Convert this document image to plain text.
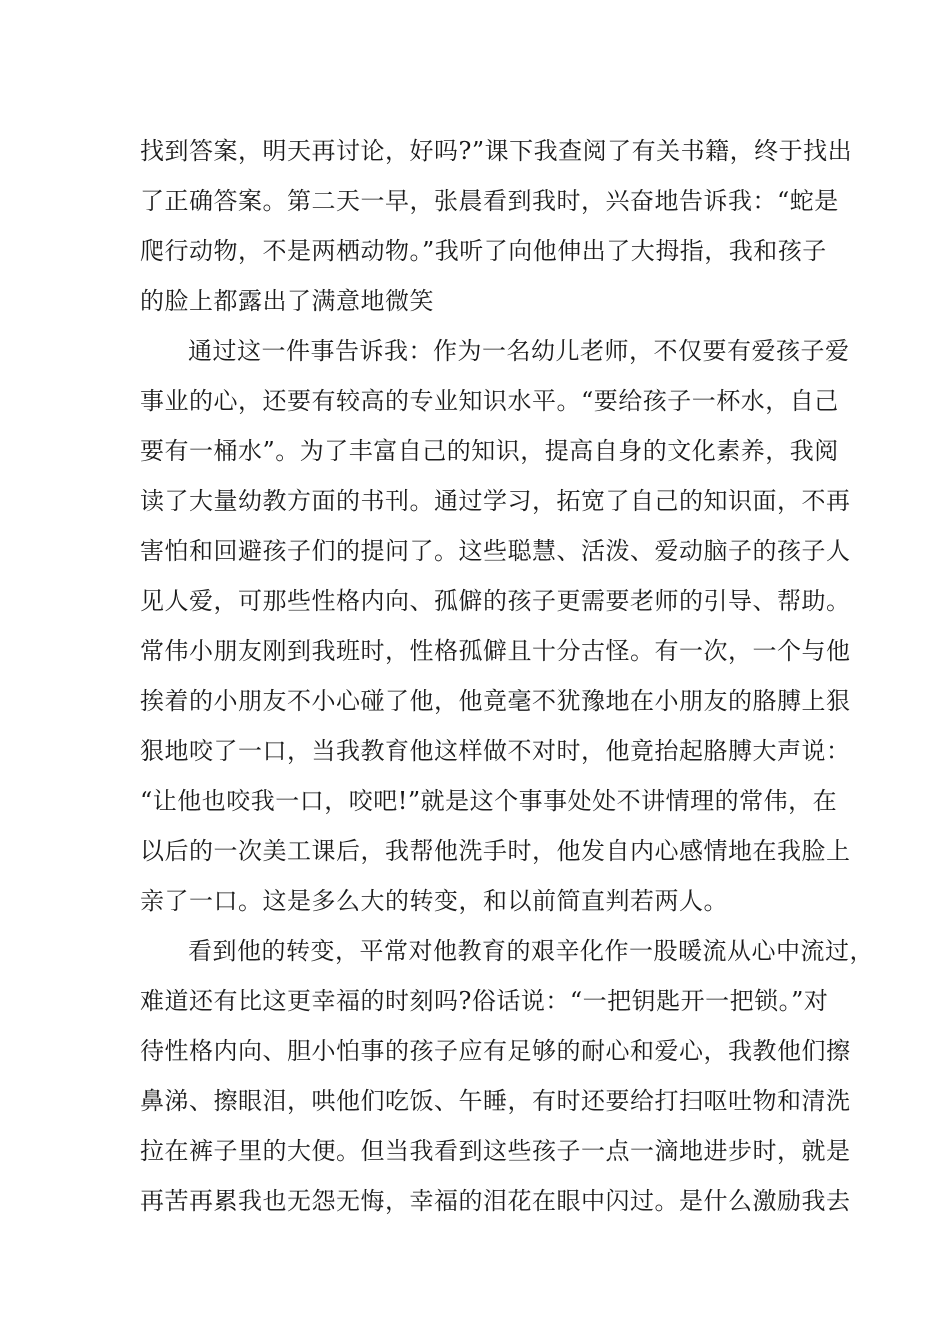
找到答案，明天再讨论，好吗?”课下我查阅了有关书籍，终于找出
了正确答案。第二天一早，张晨看到我时，兴奋地告诉我：“蛇是
爬行动物，不是两栖动物。”我听了向他伸出了大拇指，我和孩子
的脸上都露出了满意地微笑
通过这一件事告诉我：作为一名幼儿老师，不仅要有爱孩子爱
事业的心，还要有较高的专业知识水平。“要给孩子一杯水，自己
要有一桶水”。为了丰富自己的知识，提高自身的文化素养，我阅
读了大量幼教方面的书刊。通过学习，拓宽了自己的知识面，不再
害怕和回避孩子们的提问了。这些聪慧、活泼、爱动脑子的孩子人
见人爱，可那些性格内向、孤僻的孩子更需要老师的引导、帮助。
常伟小朋友刚到我班时，性格孤僻且十分古怪。有一次，一个与他
挨着的小朋友不小心碰了他，他竟毫不犹豫地在小朋友的胳膊上狠
狠地咬了一口，当我教育他这样做不对时，他竟抬起胳膊大声说：
“让他也咬我一口，咬吧!”就是这个事事处处不讲情理的常伟，在
以后的一次美工课后，我帮他洗手时，他发自内心感情地在我脸上
亲了一口。这是多么大的转变，和以前简直判若两人。
看到他的转变，平常对他教育的艰辛化作一股暖流从心中流过，
难道还有比这更幸福的时刻吗?俗话说：“一把钥匙开一把锁。”对
待性格内向、胆小怕事的孩子应有足够的耐心和爱心，我教他们擦
鼻涕、擦眼泪，哄他们吃饭、午睡，有时还要给打扫呕吐物和清洗
拉在裤子里的大便。但当我看到这些孩子一点一滴地进步时，就是
再苦再累我也无怨无悔，幸福的泪花在眼中闪过。是什么激励我去
